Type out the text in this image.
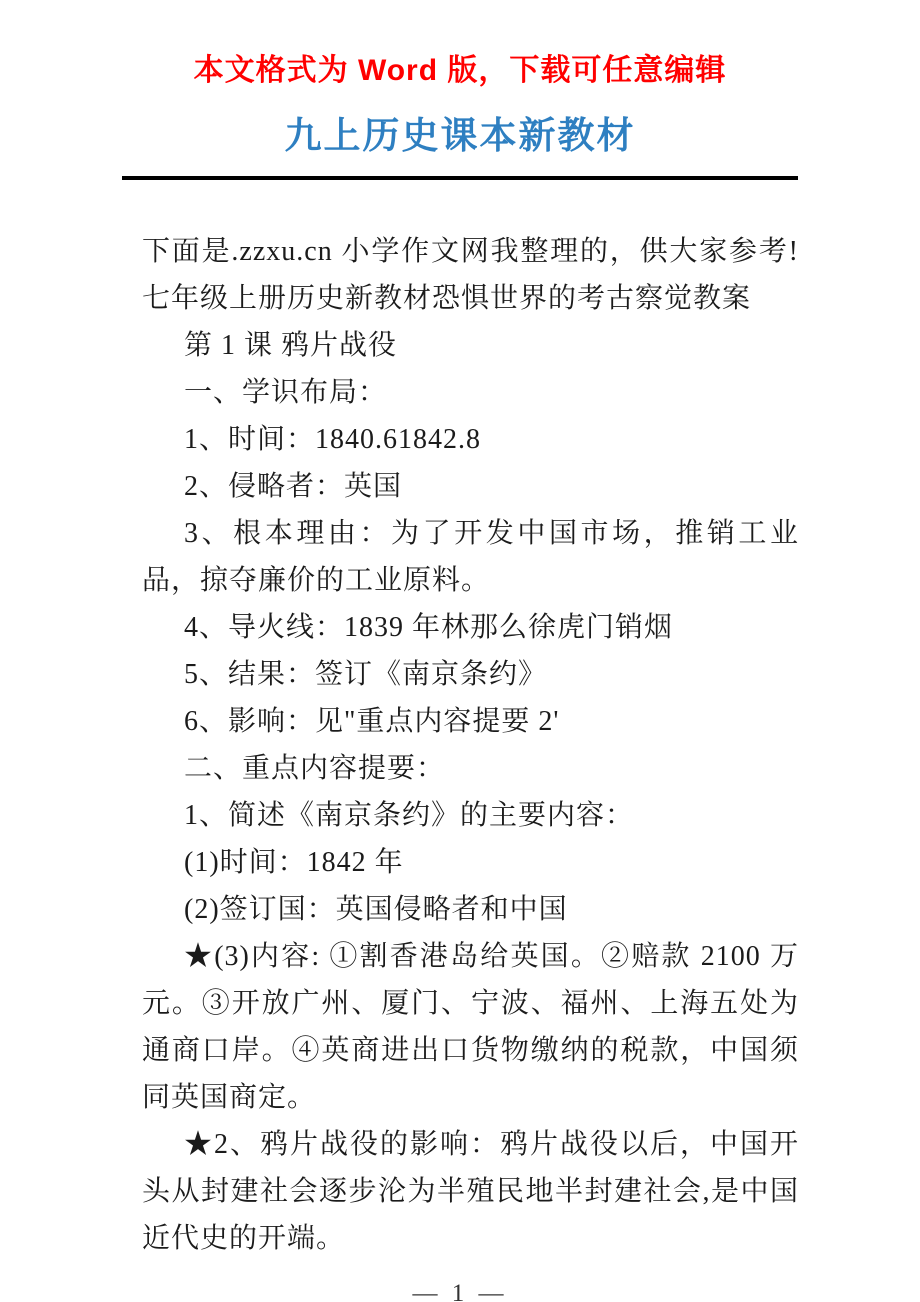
本文格式为 Word 版，下载可任意编辑
九上历史课本新教材

下面是.zzxu.cn 小学作文网我整理的，供大家参考!　　七年级上册历史新教材恐惧世界的考古察觉教案

第 1 课 鸦片战役

一、学识布局：

1、时间：1840.61842.8

2、侵略者：英国

3、根本理由：为了开发中国市场，推销工业品，掠夺廉价的工业原料。

4、导火线：1839 年林那么徐虎门销烟

5、结果：签订《南京条约》

6、影响：见"重点内容提要 2'

二、重点内容提要：

1、简述《南京条约》的主要内容：

(1)时间：1842 年

(2)签订国：英国侵略者和中国

★(3)内容: ①割香港岛给英国。②赔款 2100 万元。③开放广州、厦门、宁波、福州、上海五处为通商口岸。④英商进出口货物缴纳的税款，中国须同英国商定。

★2、鸦片战役的影响：鸦片战役以后，中国开头从封建社会逐步沦为半殖民地半封建社会,是中国近代史的开端。

— 1 —
